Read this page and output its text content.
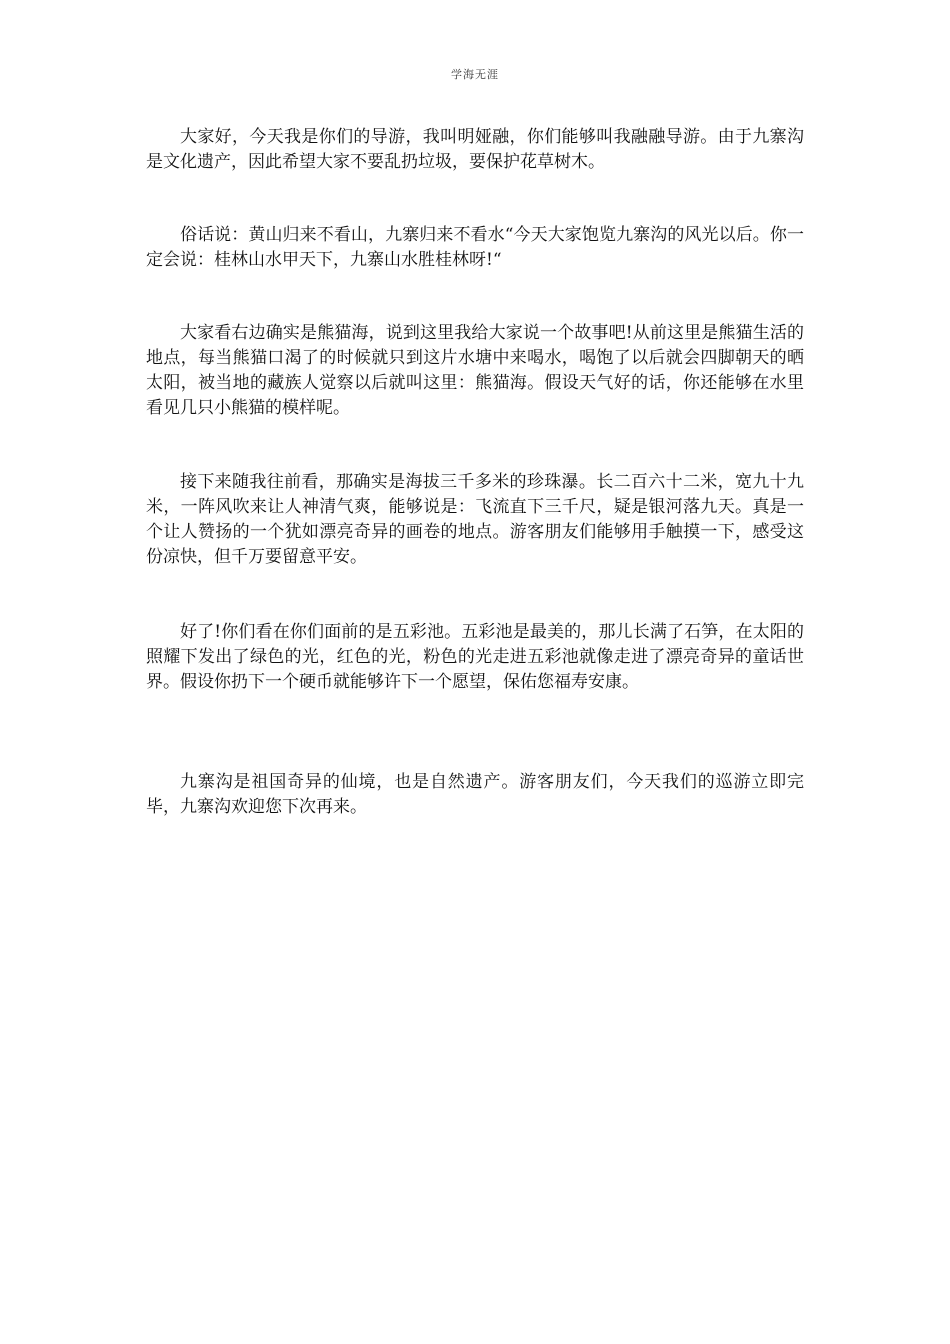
学海无涯

大家好，今天我是你们的导游，我叫明娅融，你们能够叫我融融导游。由于九寨沟是文化遗产，因此希望大家不要乱扔垃圾，要保护花草树木。

俗话说：黄山归来不看山，九寨归来不看水“今天大家饱览九寨沟的风光以后。你一定会说：桂林山水甲天下，九寨山水胜桂林呀!“

大家看右边确实是熊猫海，说到这里我给大家说一个故事吧!从前这里是熊猫生活的地点，每当熊猫口渴了的时候就只到这片水塘中来喝水，喝饱了以后就会四脚朝天的晒太阳，被当地的藏族人觉察以后就叫这里：熊猫海。假设天气好的话，你还能够在水里看见几只小熊猫的模样呢。

接下来随我往前看，那确实是海拔三千多米的珍珠瀑。长二百六十二米，宽九十九米，一阵风吹来让人神清气爽，能够说是：飞流直下三千尺，疑是银河落九天。真是一个让人赞扬的一个犹如漂亮奇异的画卷的地点。游客朋友们能够用手触摸一下，感受这份凉快，但千万要留意平安。

好了!你们看在你们面前的是五彩池。五彩池是最美的，那儿长满了石笋，在太阳的照耀下发出了绿色的光，红色的光，粉色的光走进五彩池就像走进了漂亮奇异的童话世界。假设你扔下一个硬币就能够许下一个愿望，保佑您福寿安康。

九寨沟是祖国奇异的仙境，也是自然遗产。游客朋友们，今天我们的巡游立即完毕，九寨沟欢迎您下次再来。
